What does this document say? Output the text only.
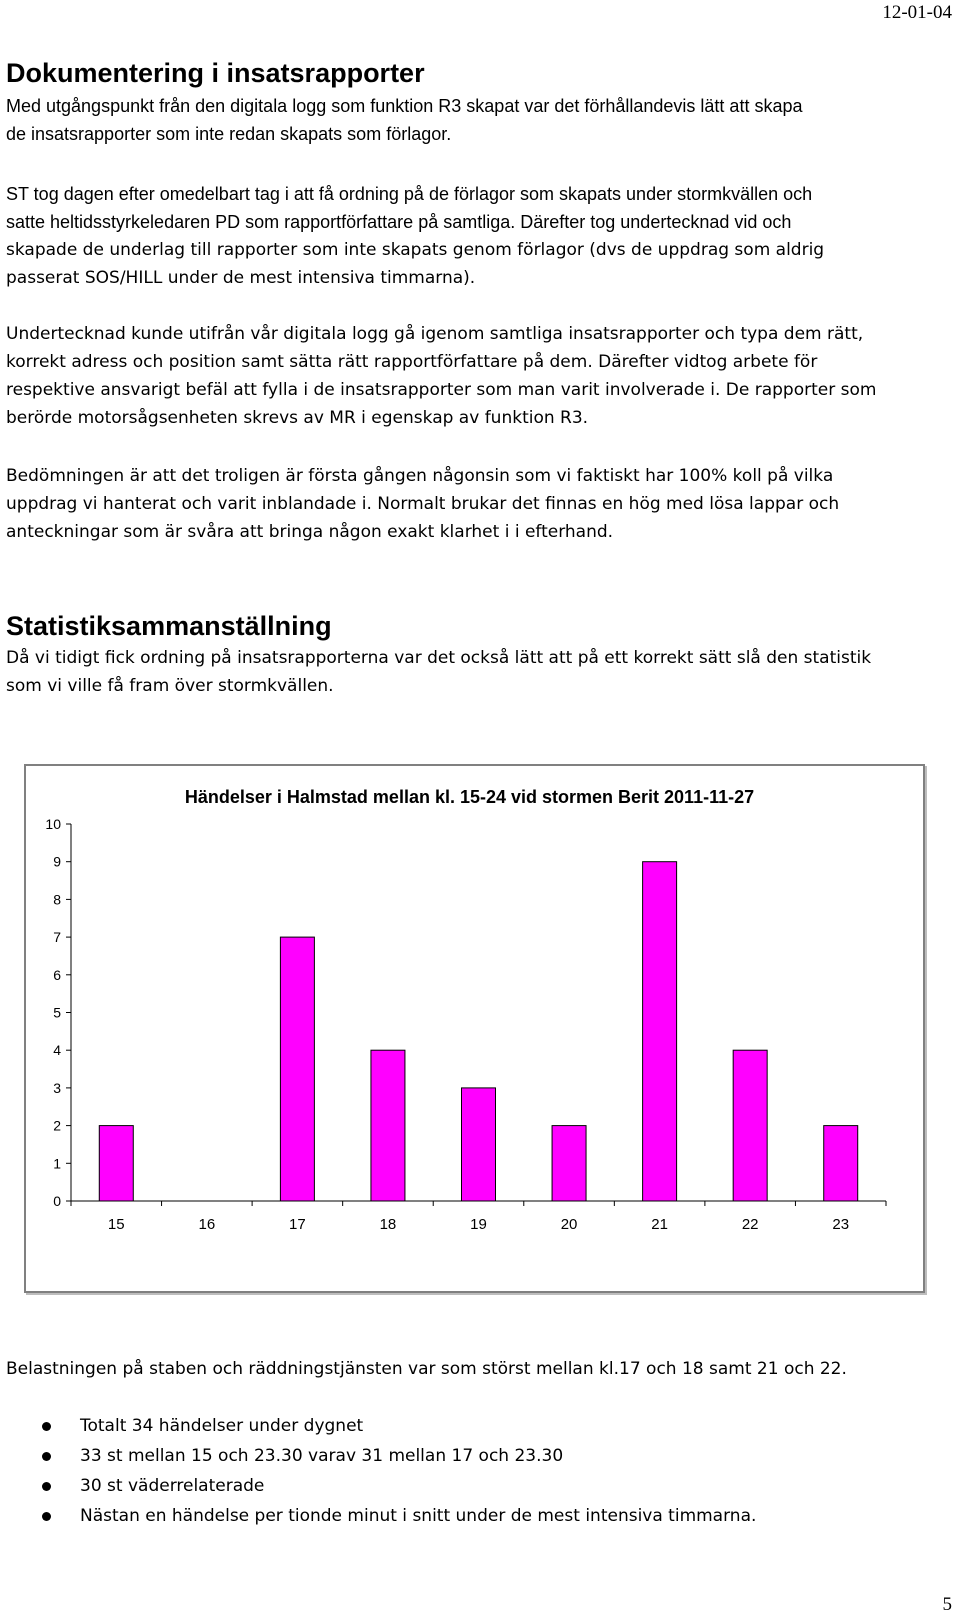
12-01-04
Dokumentering i insatsrapporter

Med utgångspunkt från den digitala logg som funktion R3 skapat var det förhållandevis lätt att skapa
de insatsrapporter som inte redan skapats som förlagor.

ST tog dagen efter omedelbart tag i att få ordning på de förlagor som skapats under stormkvällen och
satte heltidsstyrkeledaren PD som rapportförfattare på samtliga. Därefter tog undertecknad vid och
skapade de underlag till rapporter som inte skapats genom förlagor (dvs de uppdrag som aldrig
passerat SOS/HILL under de mest intensiva timmarna).

Undertecknad kunde utifrån vår digitala logg gå igenom samtliga insatsrapporter och typa dem rätt,
korrekt adress och position samt sätta rätt rapportförfattare på dem. Därefter vidtog arbete för
respektive ansvarigt befäl att fylla i de insatsrapporter som man varit involverade i. De rapporter som
berörde motorsågsenheten skrevs av MR i egenskap av funktion R3.

Bedömningen är att det troligen är första gången någonsin som vi faktiskt har 100% koll på vilka
uppdrag vi hanterat och varit inblandade i. Normalt brukar det finnas en hög med lösa lappar och
anteckningar som är svåra att bringa någon exakt klarhet i i efterhand.

Statistiksammanställning

Då vi tidigt fick ordning på insatsrapporterna var det också lätt att på ett korrekt sätt slå den statistik
som vi ville få fram över stormkvällen.

Händelser i Halmstad mellan kl. 15-24 vid stormen Berit 2011-11-27
0
1
2
3
4
5
6
7
8
9
10
15	16	17	18	19	20	21	22	23

Belastningen på staben och räddningstjänsten var som störst mellan kl.17 och 18 samt 21 och 22.

Totalt 34 händelser under dygnet
33 st mellan 15 och 23.30 varav 31 mellan 17 och 23.30
30 st väderrelaterade
Nästan en händelse per tionde minut i snitt under de mest intensiva timmarna.
5
